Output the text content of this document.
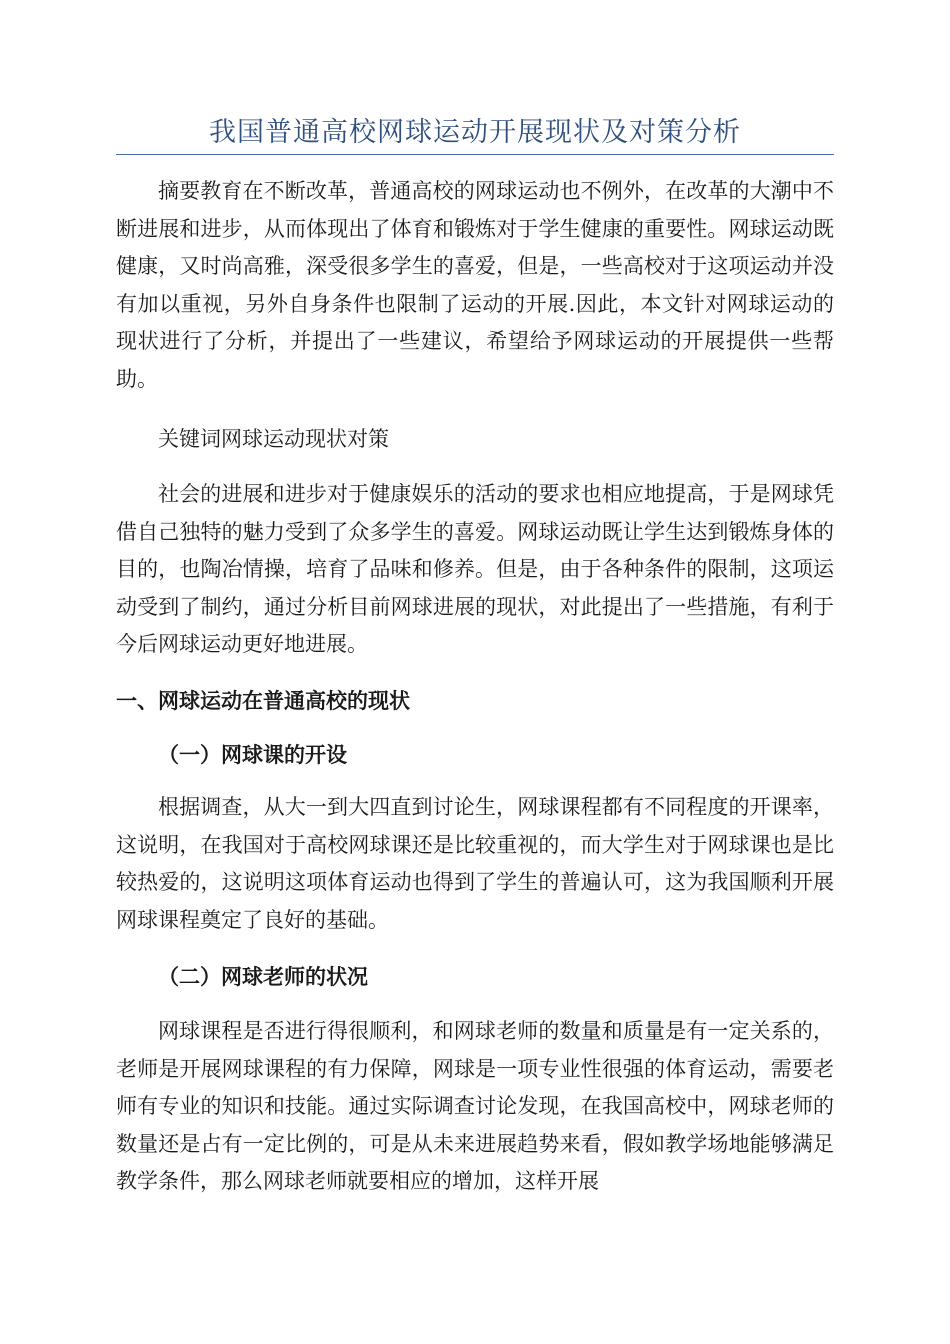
我国普通高校网球运动开展现状及对策分析

摘要教育在不断改革，普通高校的网球运动也不例外，在改革的大潮中不断进展和进步，从而体现出了体育和锻炼对于学生健康的重要性。网球运动既健康，又时尚高雅，深受很多学生的喜爱，但是，一些高校对于这项运动并没有加以重视，另外自身条件也限制了运动的开展.因此，本文针对网球运动的现状进行了分析，并提出了一些建议，希望给予网球运动的开展提供一些帮助。

关键词网球运动现状对策

社会的进展和进步对于健康娱乐的活动的要求也相应地提高，于是网球凭借自己独特的魅力受到了众多学生的喜爱。网球运动既让学生达到锻炼身体的目的，也陶冶情操，培育了品味和修养。但是，由于各种条件的限制，这项运动受到了制约，通过分析目前网球进展的现状，对此提出了一些措施，有利于今后网球运动更好地进展。

一、网球运动在普通高校的现状
（一）网球课的开设

根据调查，从大一到大四直到讨论生，网球课程都有不同程度的开课率，这说明，在我国对于高校网球课还是比较重视的，而大学生对于网球课也是比较热爱的，这说明这项体育运动也得到了学生的普遍认可，这为我国顺利开展网球课程奠定了良好的基础。

（二）网球老师的状况

网球课程是否进行得很顺利，和网球老师的数量和质量是有一定关系的，老师是开展网球课程的有力保障，网球是一项专业性很强的体育运动，需要老师有专业的知识和技能。通过实际调查讨论发现，在我国高校中，网球老师的数量还是占有一定比例的，可是从未来进展趋势来看，假如教学场地能够满足教学条件，那么网球老师就要相应的增加，这样开展
